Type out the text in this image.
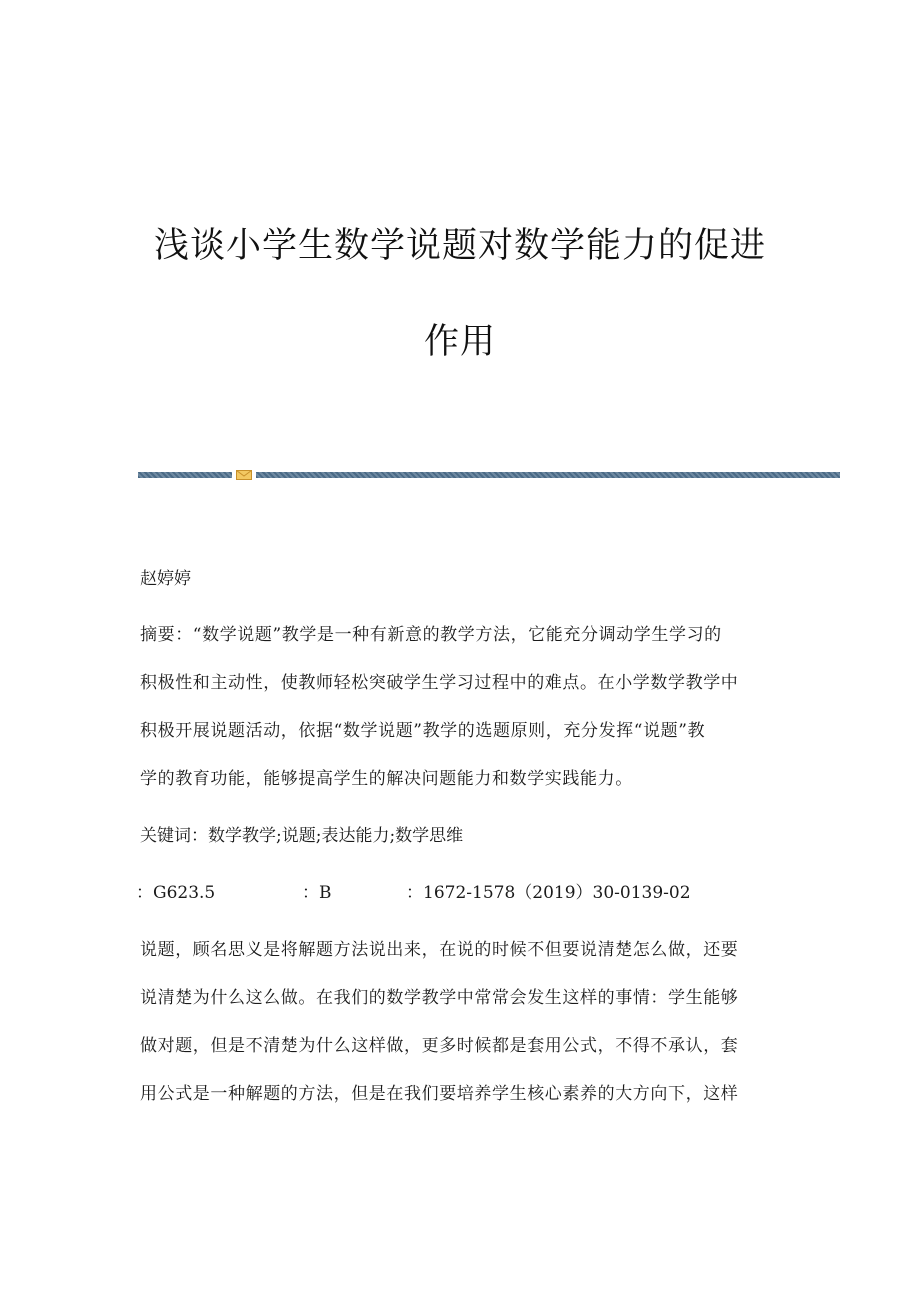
浅谈小学生数学说题对数学能力的促进
作用
赵婷婷
摘要：“数学说题”教学是一种有新意的教学方法，它能充分调动学生学习的
积极性和主动性，使教师轻松突破学生学习过程中的难点。在小学数学教学中
积极开展说题活动，依据“数学说题”教学的选题原则，充分发挥“说题”教
学的教育功能，能够提高学生的解决问题能力和数学实践能力。
关键词：数学教学;说题;表达能力;数学思维
：G623.5	：B	：1672-1578（2019）30-0139-02
说题，顾名思义是将解题方法说出来，在说的时候不但要说清楚怎么做，还要
说清楚为什么这么做。在我们的数学教学中常常会发生这样的事情：学生能够
做对题，但是不清楚为什么这样做，更多时候都是套用公式，不得不承认，套
用公式是一种解题的方法，但是在我们要培养学生核心素养的大方向下，这样
